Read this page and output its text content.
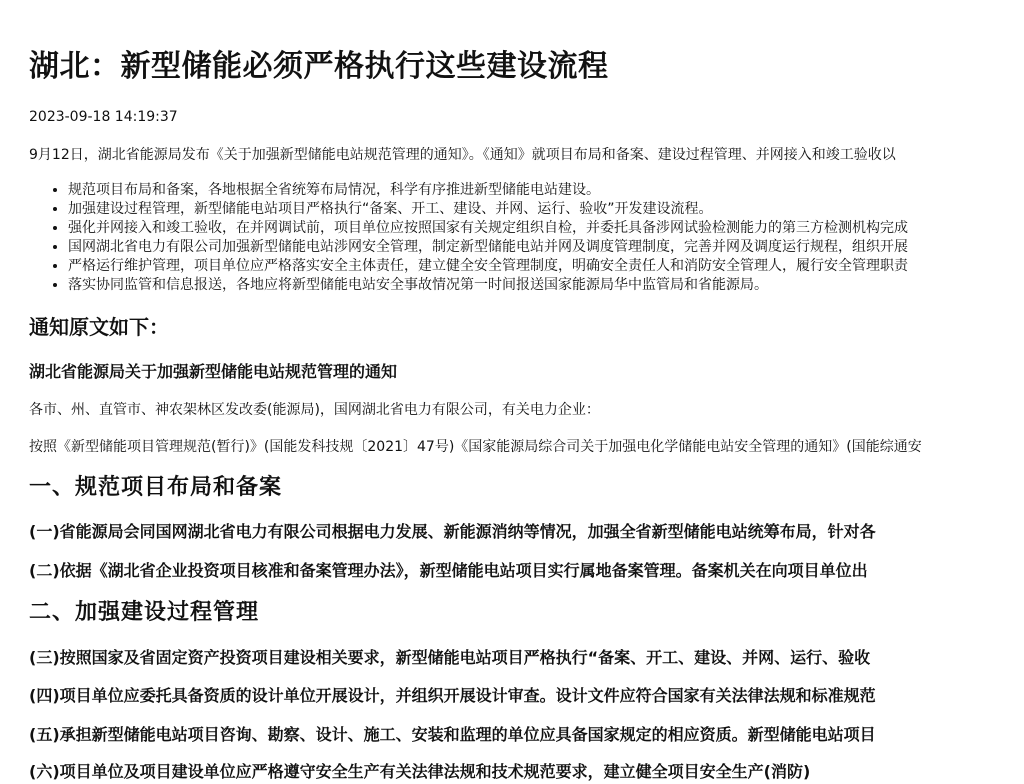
湖北：新型储能必须严格执行这些建设流程
2023-09-18 14:19:37
9月12日，湖北省能源局发布《关于加强新型储能电站规范管理的通知》。《通知》就项目布局和备案、建设过程管理、并网接入和竣工验收以
• 规范项目布局和备案，各地根据全省统筹布局情况，科学有序推进新型储能电站建设。
• 加强建设过程管理，新型储能电站项目严格执行“备案、开工、建设、并网、运行、验收”开发建设流程。
• 强化并网接入和竣工验收，在并网调试前，项目单位应按照国家有关规定组织自检，并委托具备涉网试验检测能力的第三方检测机构完成
• 国网湖北省电力有限公司加强新型储能电站涉网安全管理，制定新型储能电站并网及调度管理制度，完善并网及调度运行规程，组织开展
• 严格运行维护管理，项目单位应严格落实安全主体责任，建立健全安全管理制度，明确安全责任人和消防安全管理人，履行安全管理职责
• 落实协同监管和信息报送，各地应将新型储能电站安全事故情况第一时间报送国家能源局华中监管局和省能源局。
通知原文如下：
湖北省能源局关于加强新型储能电站规范管理的通知
各市、州、直管市、神农架林区发改委(能源局)，国网湖北省电力有限公司，有关电力企业：
按照《新型储能项目管理规范(暂行)》(国能发科技规〔2021〕47号)《国家能源局综合司关于加强电化学储能电站安全管理的通知》(国能综通安
一、规范项目布局和备案
(一)省能源局会同国网湖北省电力有限公司根据电力发展、新能源消纳等情况，加强全省新型储能电站统筹布局，针对各
(二)依据《湖北省企业投资项目核准和备案管理办法》，新型储能电站项目实行属地备案管理。备案机关在向项目单位出
二、加强建设过程管理
(三)按照国家及省固定资产投资项目建设相关要求，新型储能电站项目严格执行“备案、开工、建设、并网、运行、验收
(四)项目单位应委托具备资质的设计单位开展设计，并组织开展设计审查。设计文件应符合国家有关法律法规和标准规范
(五)承担新型储能电站项目咨询、勘察、设计、施工、安装和监理的单位应具备国家规定的相应资质。新型储能电站项目
(六)项目单位及项目建设单位应严格遵守安全生产有关法律法规和技术规范要求，建立健全项目安全生产(消防)
